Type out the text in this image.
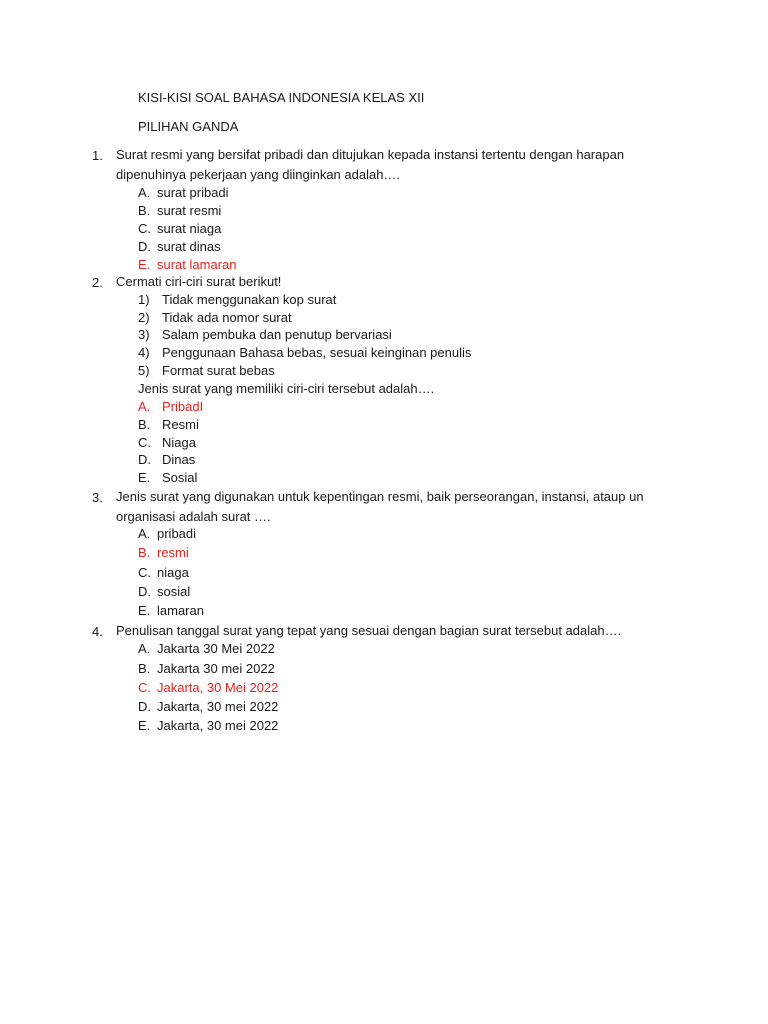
KISI-KISI SOAL BAHASA INDONESIA KELAS XII
PILIHAN GANDA
1.	Surat resmi yang bersifat pribadi dan ditujukan kepada instansi tertentu dengan harapan dipenuhinya pekerjaan yang diinginkan adalah….
A. surat pribadi
B. surat resmi
C. surat niaga
D. surat dinas
E. surat lamaran
2.	Cermati ciri-ciri surat berikut!
1) Tidak menggunakan kop surat
2) Tidak ada nomor surat
3) Salam pembuka dan penutup bervariasi
4) Penggunaan Bahasa bebas, sesuai keinginan penulis
5) Format surat bebas
Jenis surat yang memiliki ciri-ciri tersebut adalah….
A. PribadI
B. Resmi
C. Niaga
D. Dinas
E. Sosial
3.	Jenis surat yang digunakan untuk kepentingan resmi, baik perseorangan, instansi, ataup un organisasi adalah surat ….
A. pribadi
B. resmi
C. niaga
D. sosial
E. lamaran
4.	Penulisan tanggal surat yang tepat yang sesuai dengan bagian surat tersebut adalah….
A. Jakarta 30 Mei 2022
B. Jakarta 30 mei 2022
C. Jakarta, 30 Mei 2022
D. Jakarta, 30 mei 2022
E. Jakarta, 30 mei 2022
